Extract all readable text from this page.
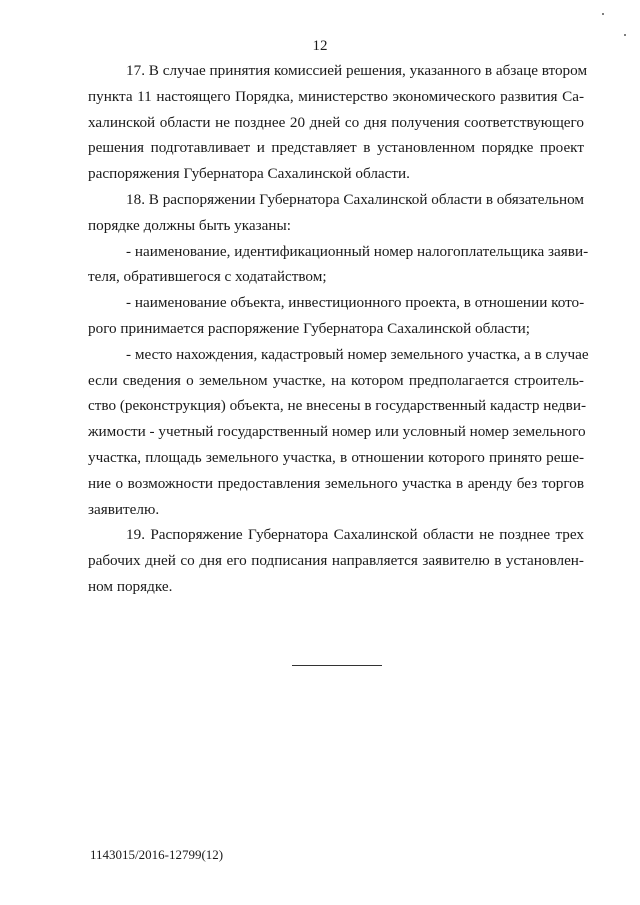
12
17. В случае принятия комиссией решения, указанного в абзаце втором
пункта 11 настоящего Порядка, министерство экономического развития Са-
халинской области не позднее 20 дней со дня получения соответствующего
решения подготавливает и представляет в установленном порядке проект
распоряжения Губернатора Сахалинской области.
18. В распоряжении Губернатора Сахалинской области в обязательном
порядке должны быть указаны:
- наименование, идентификационный номер налогоплательщика заяви-
теля, обратившегося с ходатайством;
- наименование объекта, инвестиционного проекта, в отношении кото-
рого принимается распоряжение Губернатора Сахалинской области;
- место нахождения, кадастровый номер земельного участка, а в случае
если сведения о земельном участке, на котором предполагается строитель-
ство (реконструкция) объекта, не внесены в государственный кадастр недви-
жимости - учетный государственный номер или условный номер земельного
участка, площадь земельного участка, в отношении которого принято реше-
ние о возможности предоставления земельного участка в аренду без торгов
заявителю.
19. Распоряжение Губернатора Сахалинской области не позднее трех
рабочих дней со дня его подписания направляется заявителю в установлен-
ном порядке.
1143015/2016-12799(12)
